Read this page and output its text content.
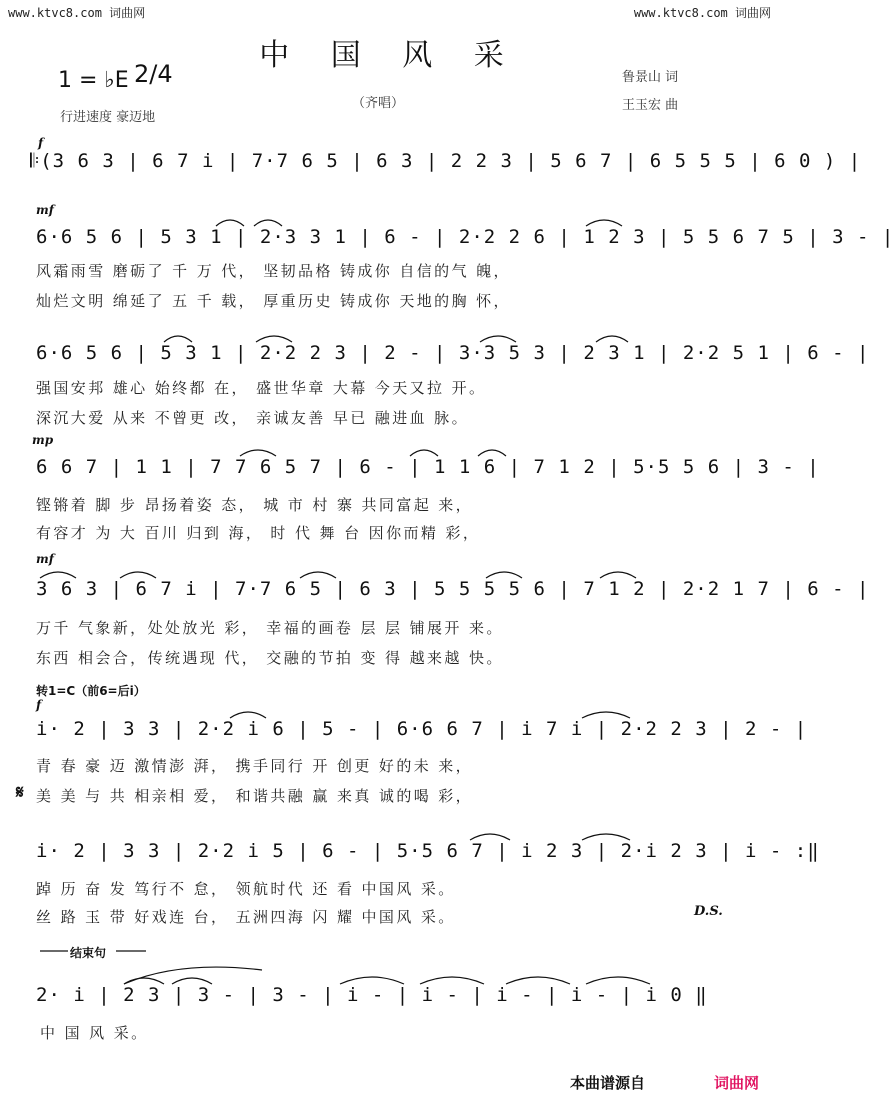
www.ktvc8.com 词曲网	www.ktvc8.com 词曲网
中 国 风 采
1 = ♭E 2/4
行进速度 豪迈地
（齐唱）
鲁景山 词
王玉宏 曲
f
𝄆(3 6 3 | 6 7 i | 7·7 6 5 | 6 3 | 2 2 3 | 5 6 7 | 6 5 5 5 | 6 0 ) |
mf
6·6 5 6 | 5 3 1 | 2·3 3 1 | 6 - | 2·2 2 6 | 1 2 3 | 5 5 6 7 5 | 3 - |
风霜雨雪 磨砺了 千 万 代， 坚韧品格 铸成你 自信的气 魄，
灿烂文明 绵延了 五 千 载， 厚重历史 铸成你 天地的胸 怀，
6·6 5 6 | 5 3 1 | 2·2 2 3 | 2 - | 3·3 5 3 | 2 3 1 | 2·2 5 1 | 6 - |
强国安邦 雄心 始终都 在， 盛世华章 大幕 今天又拉 开。
深沉大爱 从来 不曾更 改， 亲诚友善 早已 融进血 脉。
mp
6 6 7 | 1 1 | 7 7 6 5 7 | 6 - | 1 1 6 | 7 1 2 | 5·5 5 6 | 3 - |
铿锵着 脚 步 昂扬着姿 态， 城 市 村 寨 共同富起 来，
有容才 为 大 百川 归到 海， 时 代 舞 台 因你而精 彩，
mf
3 6 3 | 6 7 i | 7·7 6 5 | 6 3 | 5 5 5 5 6 | 7 1 2 | 2·2 1 7 | 6 - |
万千 气象新，处处放光 彩， 幸福的画卷 层 层 铺展开 来。
东西 相会合，传统遇现 代， 交融的节拍 变 得 越来越 快。
转1=C（前6=后i）
f
i· 2 | 3 3 | 2·2 i 6 | 5 - | 6·6 6 7 | i 7 i | 2·2 2 3 | 2 - |
青 春 豪 迈 激情澎 湃， 携手同行 开 创更 好的未 来，
𝄋 美 美 与 共 相亲相 爱， 和谐共融 赢 来真 诚的喝 彩，
i· 2 | 3 3 | 2·2 i 5 | 6 - | 5·5 6 7 | i 2 3 | 2·i 2 3 | i - :‖
踔 历 奋 发 笃行不 怠， 领航时代 还 看 中国风 采。
丝 路 玉 带 好戏连 台， 五洲四海 闪 耀 中国风 采。	D.S.
结束句
2· i | 2 3 | 3 - | 3 - | i - | i - | i - | i - | i 0 ‖
中 国 风 采。
本曲谱源自	词曲网
